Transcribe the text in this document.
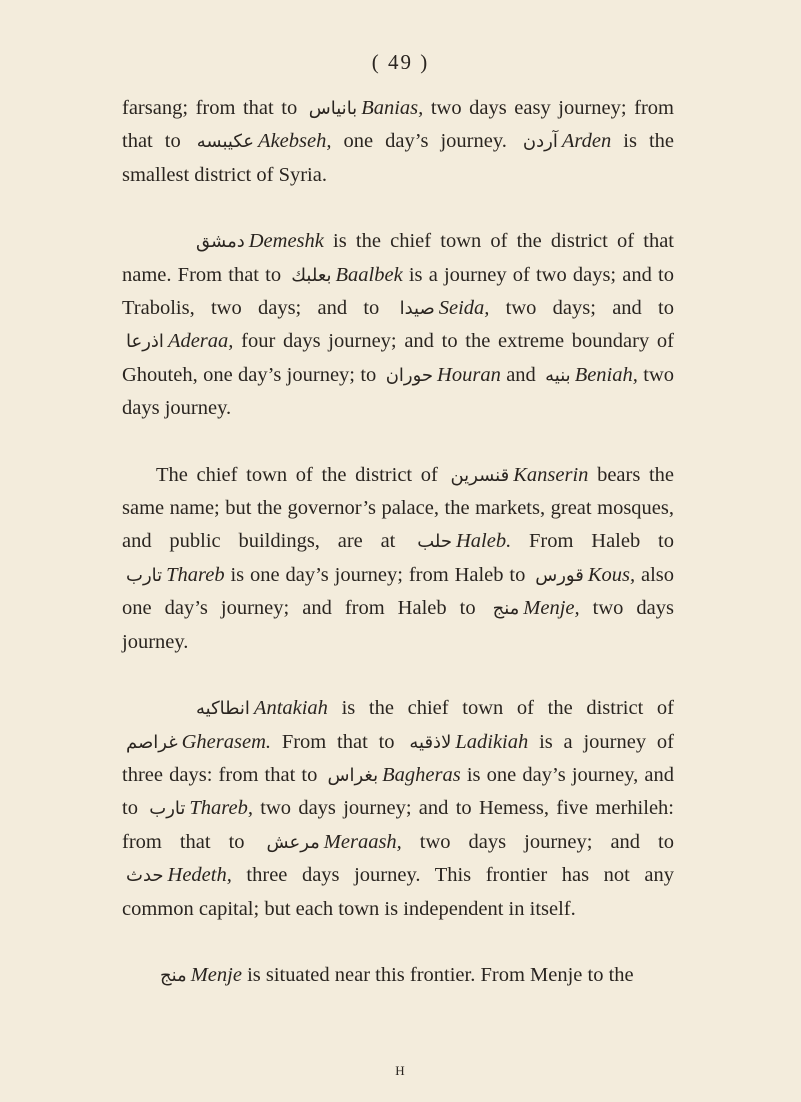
( 49 )

farsang; from that to بانياس Banias, two days easy journey; from that to عكيبسه Akebseh, one day’s journey. آردن Arden is the smallest district of Syria.

دمشق Demeshk is the chief town of the district of that name. From that to بعلبك Baalbek is a journey of two days; and to Trabolis, two days; and to صيدا Seida, two days; and to اذرعا Aderaa, four days journey; and to the extreme boundary of Ghouteh, one day’s journey; to حوران Houran and بنيه Beniah, two days journey.

The chief town of the district of قنسرين Kanserin bears the same name; but the governor’s palace, the markets, great mosques, and public buildings, are at حلب Haleb. From Haleb to تارب Thareb is one day’s journey; from Haleb to قورس Kous, also one day’s journey; and from Haleb to منج Menje, two days journey.

انطاكيه Antakiah is the chief town of the district of غراصم Gherasem. From that to لاذقيه Ladikiah is a journey of three days: from that to بغراس Bagheras is one day’s journey, and to تارب Thareb, two days journey; and to Hemess, five merhileh: from that to مرعش Meraash, two days journey; and to حدث Hedeth, three days journey. This frontier has not any common capital; but each town is independent in itself.

منج Menje is situated near this frontier. From Menje to the

H
